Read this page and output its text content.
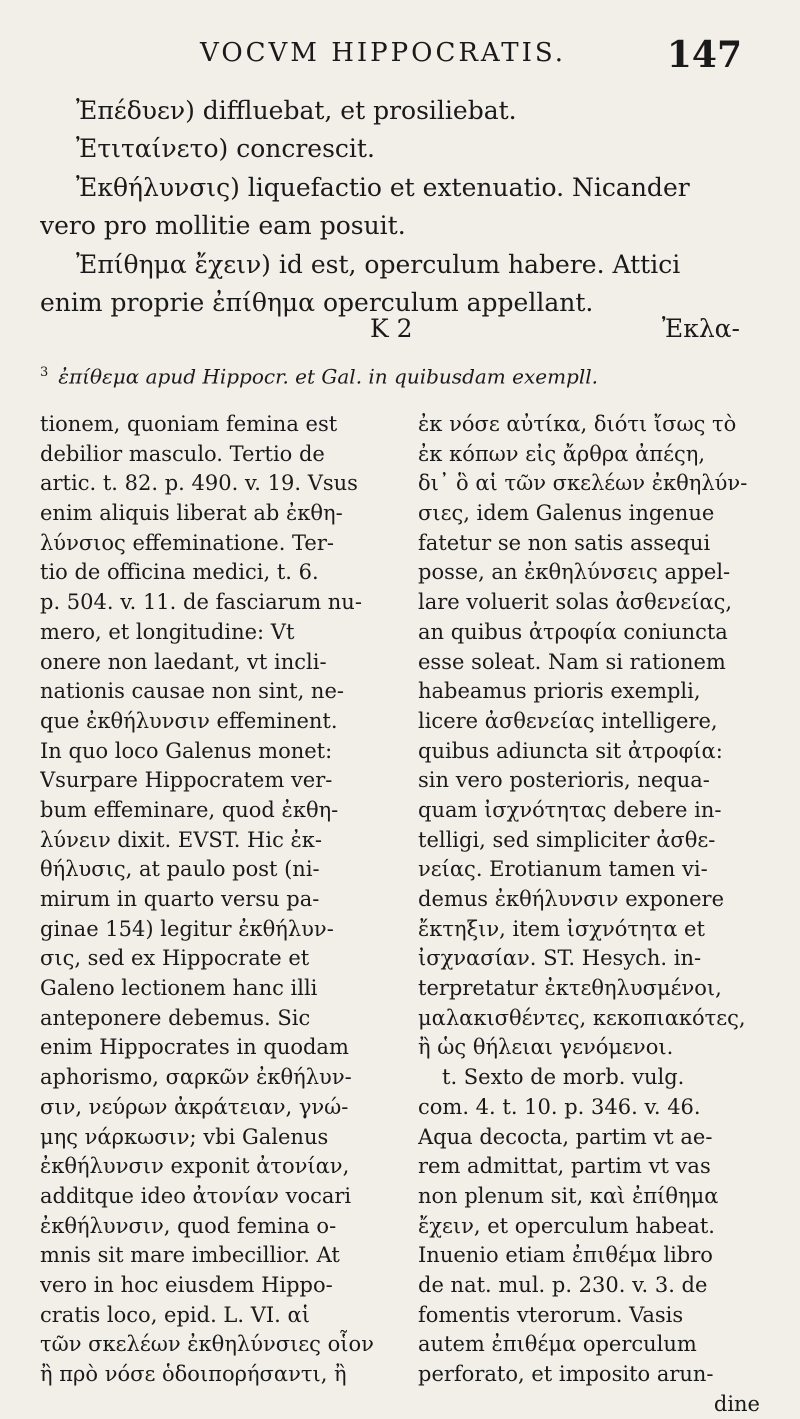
VOCVM HIPPOCRATIS.	147
Ἐπέδυεν) diffluebat, et prosiliebat.
Ἐτιταίνετο) concrescit.
Ἐκθήλυνσις) liquefactio et extenuatio. Nicander
vero pro mollitie eam posuit.
Ἐπίθημα ἔχειν) id est, operculum habere. Attici
enim proprie ἐπίθημα operculum appellant.
K 2	Ἐκλα-
$^3$ ἐπίθεμα apud Hippocr. et Gal. in quibusdam exempll.
tionem, quoniam femina est
debilior masculo. Tertio de
artic. t. 82. p. 490. v. 19. Vsus
enim aliquis liberat ab ἐκθη-
λύνσιος effeminatione. Ter-
tio de officina medici, t. 6.
p. 504. v. 11. de fasciarum nu-
mero, et longitudine: Vt
onere non laedant, vt incli-
nationis causae non sint, ne-
que ἐκθήλυνσιν effeminent.
In quo loco Galenus monet:
Vsurpare Hippocratem ver-
bum effeminare, quod ἐκθη-
λύνειν dixit. EVST. Hic ἐκ-
θήλυσις, at paulo post (ni-
mirum in quarto versu pa-
ginae 154) legitur ἐκθήλυν-
σις, sed ex Hippocrate et
Galeno lectionem hanc illi
anteponere debemus. Sic
enim Hippocrates in quodam
aphorismo, σαρκῶν ἐκθήλυν-
σιν, νεύρων ἀκράτειαν, γνώ-
μης νάρκωσιν; vbi Galenus
ἐκθήλυνσιν exponit ἀτονίαν,
additque ideo ἀτονίαν vocari
ἐκθήλυνσιν, quod femina o-
mnis sit mare imbecillior. At
vero in hoc eiusdem Hippo-
cratis loco, epid. L. VI. αἱ
τῶν σκελέων ἐκθηλύνσιες οἷον
ἢ πρὸ νόσε ὁδοιπορήσαντι, ἢ
ἐκ νόσε αὐτίκα, διότι ἴσως τὸ
ἐκ κόπων εἰς ἄρθρα ἀπέςη,
δι᾽ ὃ αἱ τῶν σκελέων ἐκθηλύν-
σιες, idem Galenus ingenue
fatetur se non satis assequi
posse, an ἐκθηλύνσεις appel-
lare voluerit solas ἀσθενείας,
an quibus ἀτροφία coniuncta
esse soleat. Nam si rationem
habeamus prioris exempli,
licere ἀσθενείας intelligere,
quibus adiuncta sit ἀτροφία:
sin vero posterioris, nequa-
quam ἰσχνότητας debere in-
telligi, sed simpliciter ἀσθε-
νείας. Erotianum tamen vi-
demus ἐκθήλυνσιν exponere
ἔκτηξιν, item ἰσχνότητα et
ἰσχνασίαν. ST. Hesych. in-
terpretatur ἐκτεθηλυσμένοι,
μαλακισθέντες, κεκοπιακότες,
ἢ ὡς θήλειαι γενόμενοι.
t. Sexto de morb. vulg.
com. 4. t. 10. p. 346. v. 46.
Aqua decocta, partim vt ae-
rem admittat, partim vt vas
non plenum sit, καὶ ἐπίθημα
ἔχειν, et operculum habeat.
Inuenio etiam ἐπιθέμα libro
de nat. mul. p. 230. v. 3. de
fomentis vterorum. Vasis
autem ἐπιθέμα operculum
perforato, et imposito arun-
dine
